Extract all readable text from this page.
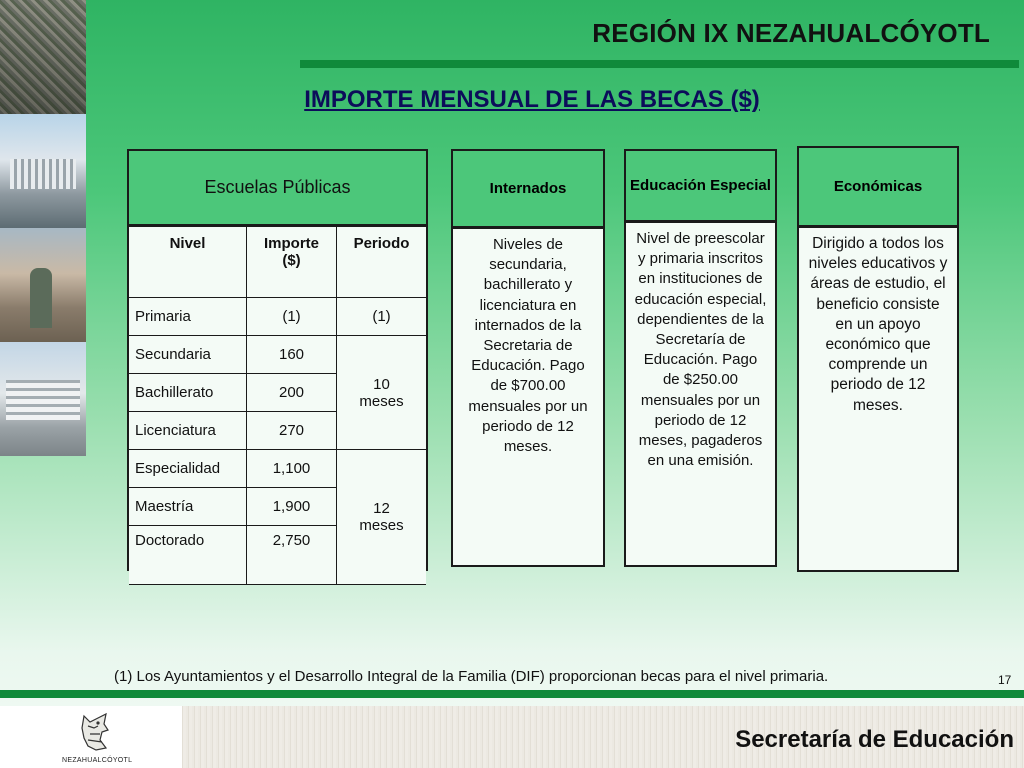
REGIÓN IX NEZAHUALCÓYOTL
IMPORTE MENSUAL DE LAS BECAS ($)
Escuelas Públicas
Nivel	Importe ($)	Periodo
Primaria	(1)	(1)
Secundaria	160	10 meses
Bachillerato	200	
Licenciatura	270	
Especialidad	1,100	12 meses
Maestría	1,900	
Doctorado	2,750	
Internados
Niveles de secundaria, bachillerato y licenciatura en internados de la Secretaria de Educación. Pago de $700.00 mensuales por un periodo de 12 meses.
Educación Especial
Nivel de preescolar y primaria inscritos en instituciones de educación especial, dependientes de la Secretaría de Educación. Pago de $250.00 mensuales por un periodo de 12 meses, pagaderos en una emisión.
Económicas
Dirigido a todos los niveles educativos y áreas de estudio, el beneficio consiste en un apoyo económico que comprende un periodo de 12 meses.

(1) Los Ayuntamientos y el Desarrollo Integral de la Familia (DIF) proporcionan becas para el nivel primaria.	17
NEZAHUALCÓYOTL
Secretaría de Educación
